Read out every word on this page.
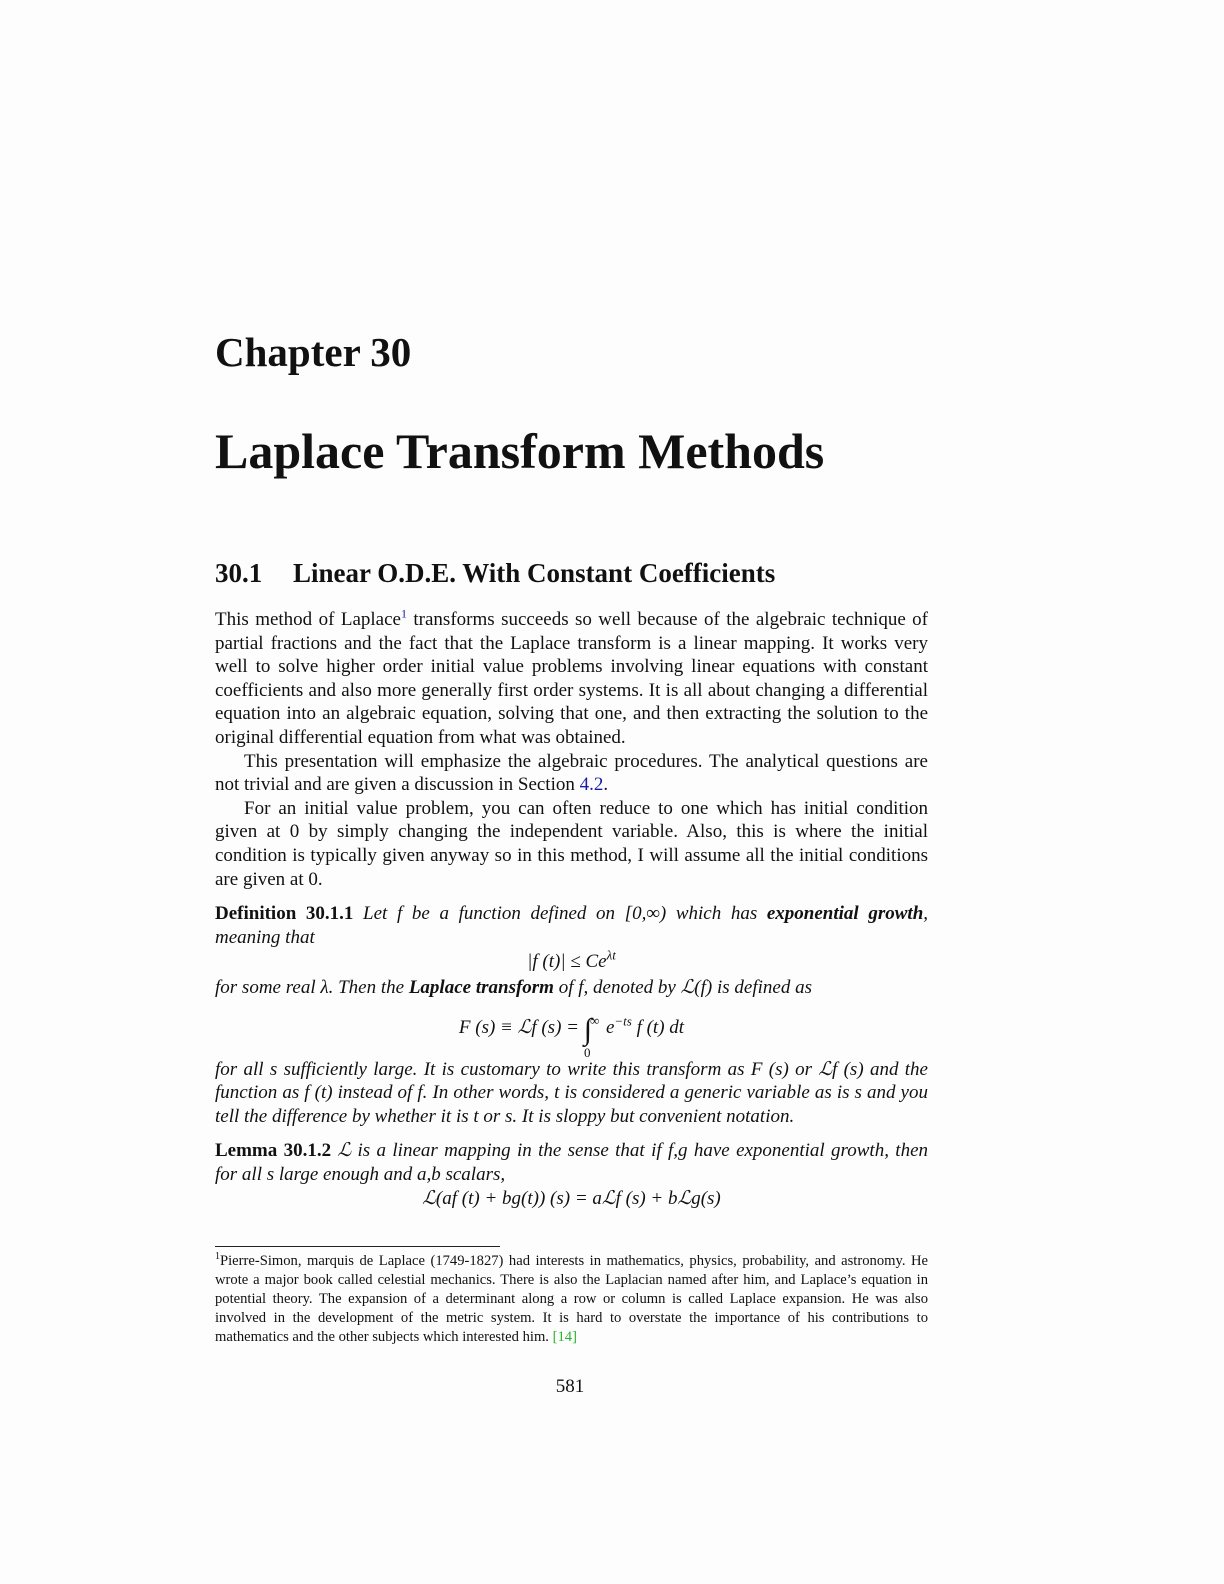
Chapter 30
Laplace Transform Methods
30.1 Linear O.D.E. With Constant Coefficients

This method of Laplace$^1$ transforms succeeds so well because of the algebraic technique of partial fractions and the fact that the Laplace transform is a linear mapping. It works very well to solve higher order initial value problems involving linear equations with constant coefficients and also more generally first order systems. It is all about changing a differential equation into an algebraic equation, solving that one, and then extracting the solution to the original differential equation from what was obtained.

This presentation will emphasize the algebraic procedures. The analytical questions are not trivial and are given a discussion in Section 4.2.

For an initial value problem, you can often reduce to one which has initial condition given at 0 by simply changing the independent variable. Also, this is where the initial condition is typically given anyway so in this method, I will assume all the initial conditions are given at 0.

Definition 30.1.1 Let f be a function defined on [0,∞) which has exponential growth, meaning that

|f $(t)| \le Ce^{\lambda t}$

for some real λ. Then the Laplace transform of f, denoted by ℒ(f) is defined as

F (s) ≡ ℒf (s) = ∫
∞
0
$e^{-ts}$ f (t) dt

for all s sufficiently large. It is customary to write this transform as F (s) or ℒf (s) and the function as f (t) instead of f. In other words, t is considered a generic variable as is s and you tell the difference by whether it is t or s. It is sloppy but convenient notation.

Lemma 30.1.2 ℒ is a linear mapping in the sense that if f,g have exponential growth, then for all s large enough and a,b scalars,

ℒ(af (t) + bg(t)) (s) = aℒf (s) + bℒg(s)
$^1$Pierre-Simon, marquis de Laplace (1749-1827) had interests in mathematics, physics, probability, and astronomy. He wrote a major book called celestial mechanics. There is also the Laplacian named after him, and Laplace’s equation in potential theory. The expansion of a determinant along a row or column is called Laplace expansion. He was also involved in the development of the metric system. It is hard to overstate the importance of his contributions to mathematics and the other subjects which interested him. [14]
581
